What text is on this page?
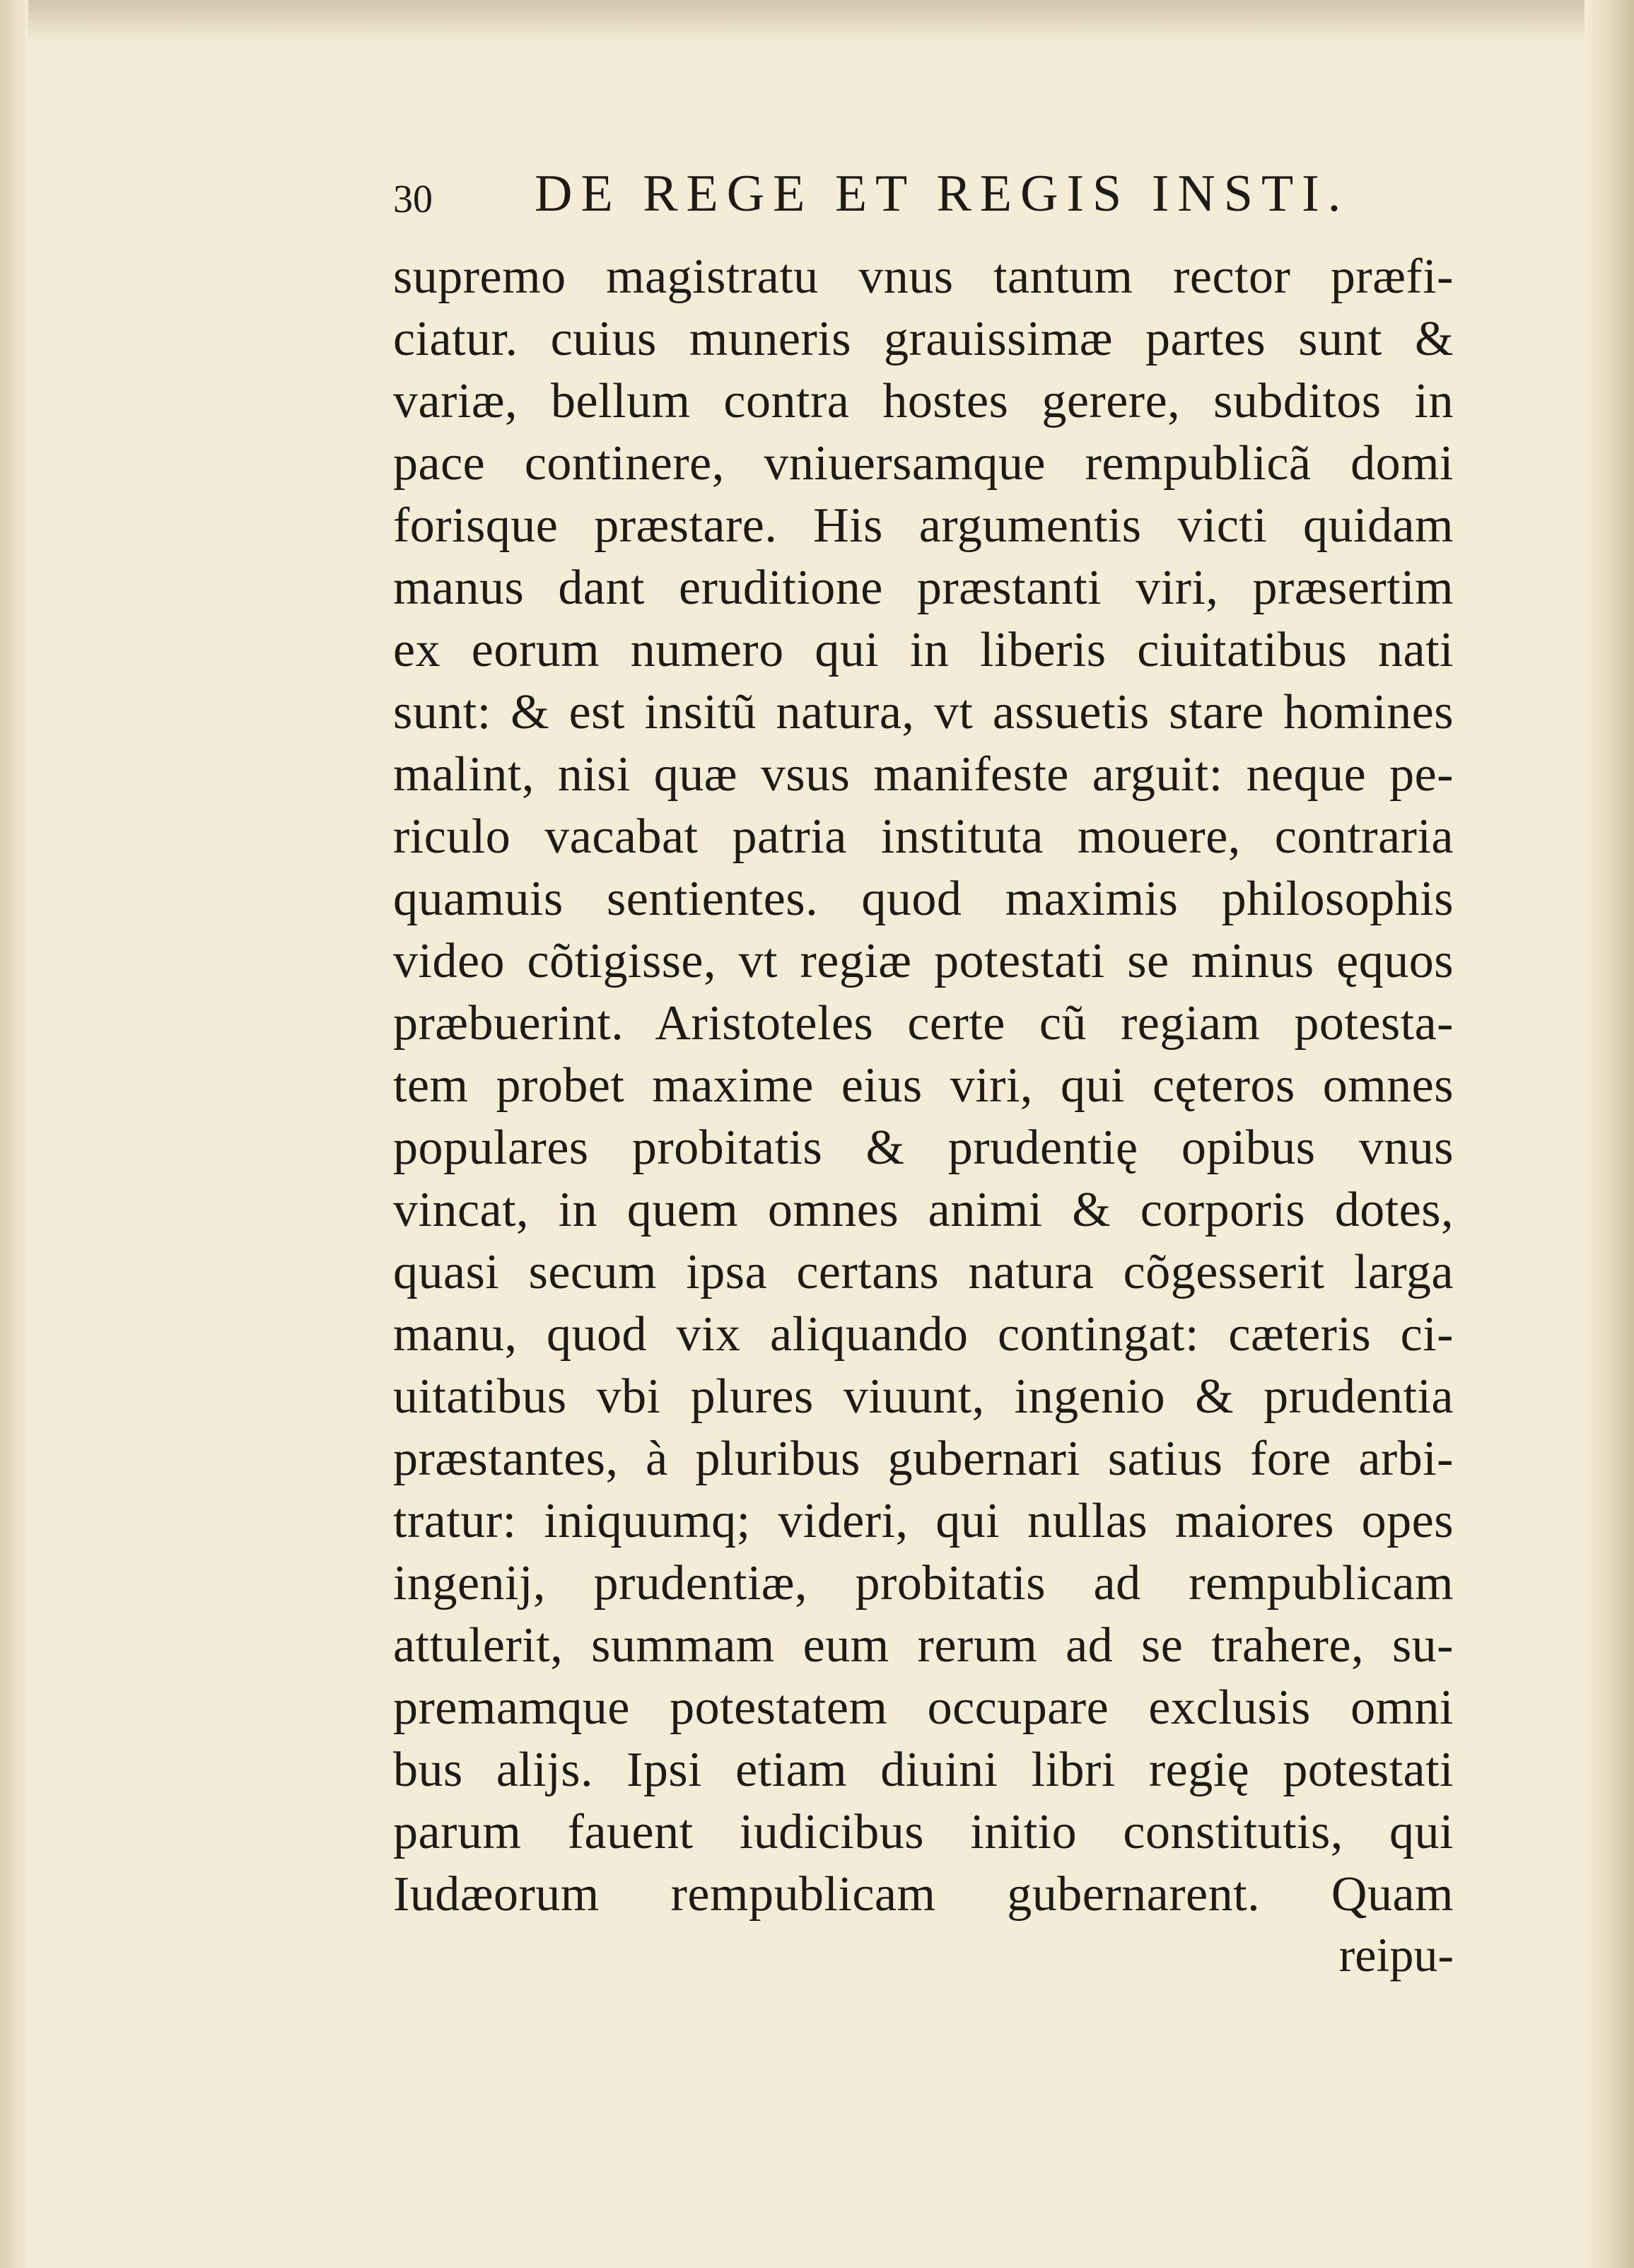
30 DE REGE ET REGIS INSTI.
supremo magistratu vnus tantum rector præfi-
ciatur. cuius muneris grauissimæ partes sunt &
variæ, bellum contra hostes gerere, subditos in
pace continere, vniuersamque rempublicã domi
forisque præstare. His argumentis victi quidam
manus dant eruditione præstanti viri, præsertim
ex eorum numero qui in liberis ciuitatibus nati
sunt: & est insitũ natura, vt assuetis stare homines
malint, nisi quæ vsus manifeste arguit: neque pe-
riculo vacabat patria instituta mouere, contraria
quamuis sentientes. quod maximis philosophis
video cõtigisse, vt regiæ potestati se minus ęquos
præbuerint. Aristoteles certe cũ regiam potesta-
tem probet maxime eius viri, qui cęteros omnes
populares probitatis & prudentię opibus vnus
vincat, in quem omnes animi & corporis dotes,
quasi secum ipsa certans natura cõgesserit larga
manu, quod vix aliquando contingat: cæteris ci-
uitatibus vbi plures viuunt, ingenio & prudentia
præstantes, à pluribus gubernari satius fore arbi-
tratur: iniquumq; videri, qui nullas maiores opes
ingenij, prudentiæ, probitatis ad rempublicam
attulerit, summam eum rerum ad se trahere, su-
premamque potestatem occupare exclusis omni
bus alijs. Ipsi etiam diuini libri regię potestati
parum fauent iudicibus initio constitutis, qui
Iudæorum rempublicam gubernarent. Quam
reipu-
